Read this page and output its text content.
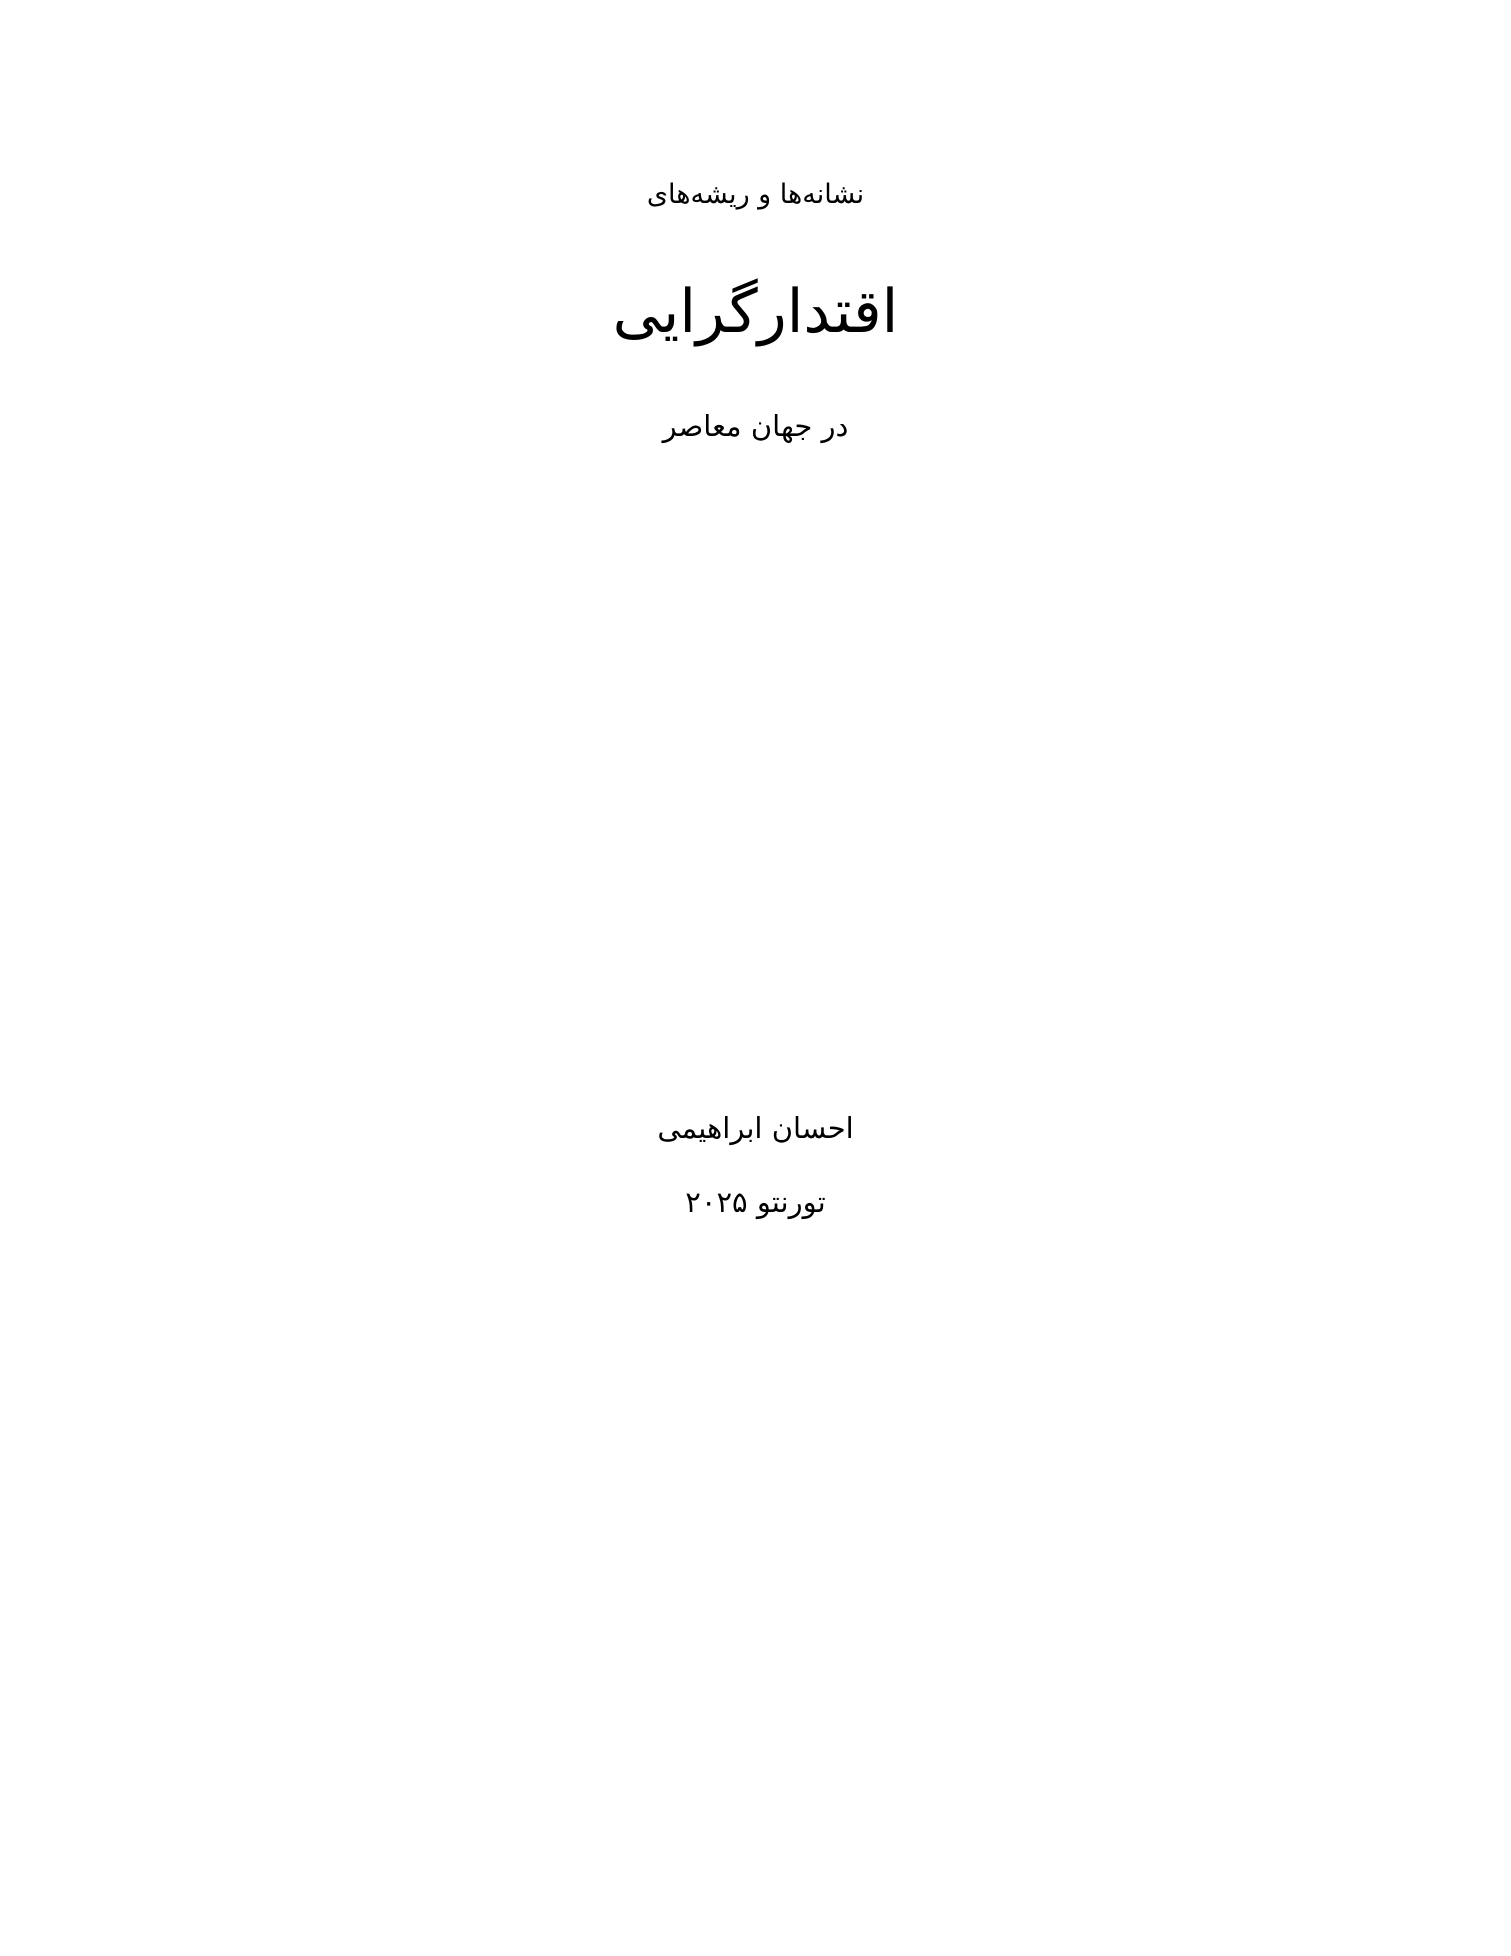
نشانه‌ها و ریشه‌های

اقتدارگرایی

در جهان معاصر

احسان ابراهیمی

تورنتو ۲۰۲۵
